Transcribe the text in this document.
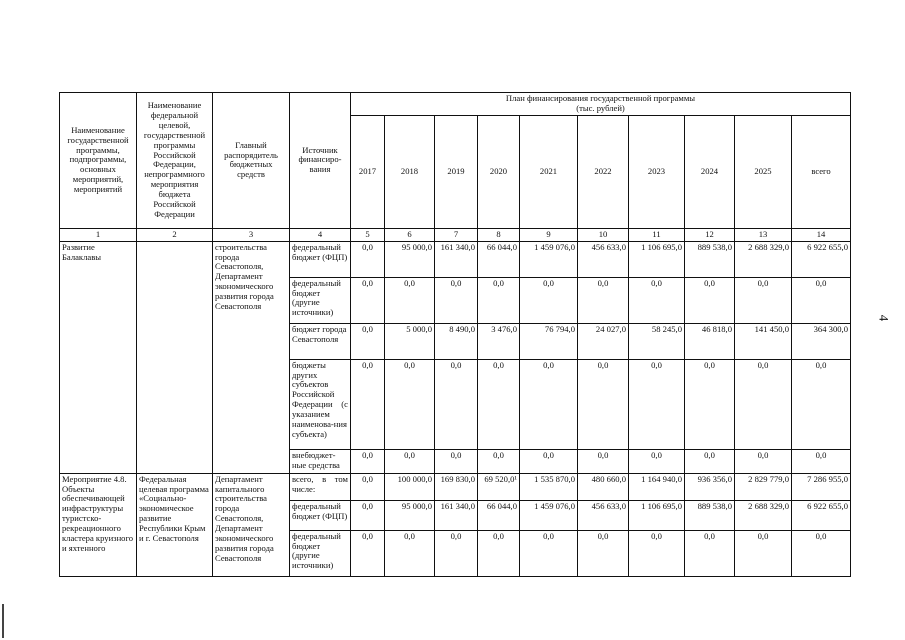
4
Наименование государственной программы, подпрограммы, основных мероприятий, мероприятий	Наименование федеральной целевой, государственной программы Российской Федерации, непрограммного мероприятия бюджета Российской Федерации	Главный распорядитель бюджетных средств	Источник финансиро-вания	План финансирования государственной программы
(тыс. рублей)									

				2017	2018	2019	2020	2021	2022	2023	2024	2025	всего
1	2	3	4	5	6	7	8	9	10	11	12	13	14
Развитие Балаклавы		строительства города Севастополя, Департамент экономического развития города Севастополя	федеральный бюджет (ФЦП)	0,0	95 000,0	161 340,0	66 044,0	1 459 076,0	456 633,0	1 106 695,0	889 538,0	2 688 329,0	6 922 655,0
			федеральный бюджет (другие источники)	0,0	0,0	0,0	0,0	0,0	0,0	0,0	0,0	0,0	0,0
			бюджет города Севастополя	0,0	5 000,0	8 490,0	3 476,0	76 794,0	24 027,0	58 245,0	46 818,0	141 450,0	364 300,0
			бюджеты других субъектов Российской Федерации (с указанием наименова-ния субъекта)	0,0	0,0	0,0	0,0	0,0	0,0	0,0	0,0	0,0	0,0
			внебюджет-ные средства	0,0	0,0	0,0	0,0	0,0	0,0	0,0	0,0	0,0	0,0
Мероприятие 4.8. Объекты обеспечивающей инфраструктуры туристско-рекреационного кластера круизного и яхтенного	Федеральная целевая программа «Социально-экономическое развитие Республики Крым и г. Севастополя	Департамент капитального строительства города Севастополя, Департамент экономического развития города Севастополя	всего, в том числе:	0,0	100 000,0	169 830,0	69 520,0¹	1 535 870,0	480 660,0	1 164 940,0	936 356,0	2 829 779,0	7 286 955,0
			федеральный бюджет (ФЦП)	0,0	95 000,0	161 340,0	66 044,0	1 459 076,0	456 633,0	1 106 695,0	889 538,0	2 688 329,0	6 922 655,0
			федеральный бюджет (другие источники)	0,0	0,0	0,0	0,0	0,0	0,0	0,0	0,0	0,0	0,0
